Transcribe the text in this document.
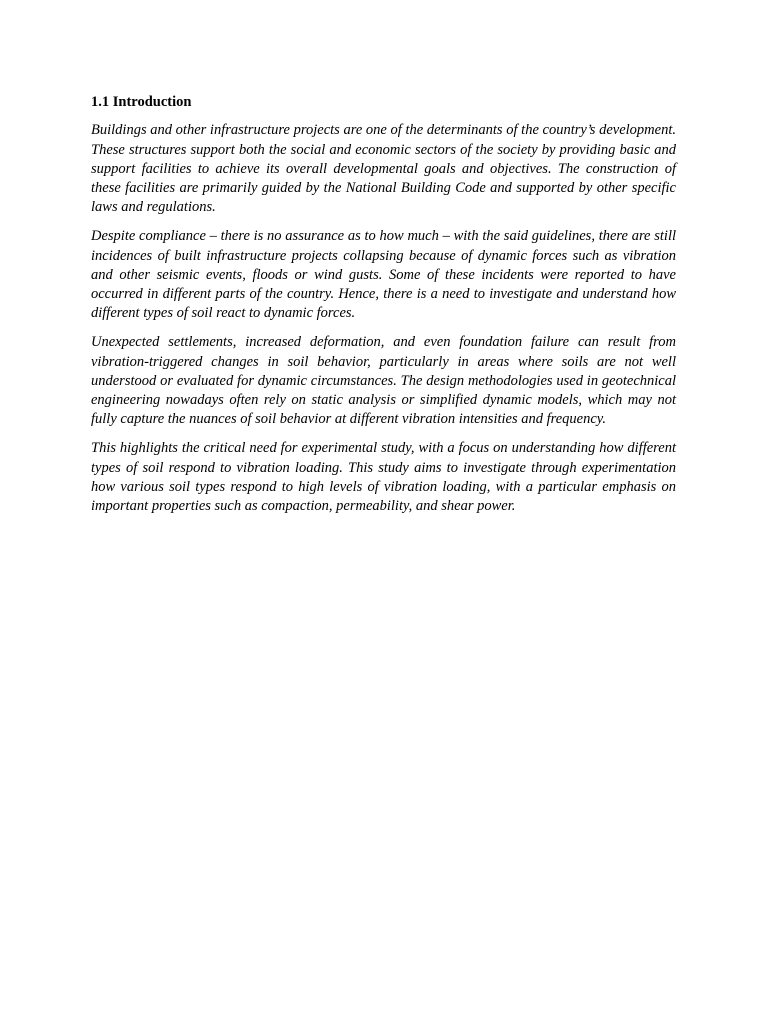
1.1 Introduction

Buildings and other infrastructure projects are one of the determinants of the country’s development. These structures support both the social and economic sectors of the society by providing basic and support facilities to achieve its overall developmental goals and objectives. The construction of these facilities are primarily guided by the National Building Code and supported by other specific laws and regulations.

Despite compliance – there is no assurance as to how much – with the said guidelines, there are still incidences of built infrastructure projects collapsing because of dynamic forces such as vibration and other seismic events, floods or wind gusts. Some of these incidents were reported to have occurred in different parts of the country. Hence, there is a need to investigate and understand how different types of soil react to dynamic forces.

Unexpected settlements, increased deformation, and even foundation failure can result from vibration-triggered changes in soil behavior, particularly in areas where soils are not well understood or evaluated for dynamic circumstances. The design methodologies used in geotechnical engineering nowadays often rely on static analysis or simplified dynamic models, which may not fully capture the nuances of soil behavior at different vibration intensities and frequency.

This highlights the critical need for experimental study, with a focus on understanding how different types of soil respond to vibration loading. This study aims to investigate through experimentation how various soil types respond to high levels of vibration loading, with a particular emphasis on important properties such as compaction, permeability, and shear power.
